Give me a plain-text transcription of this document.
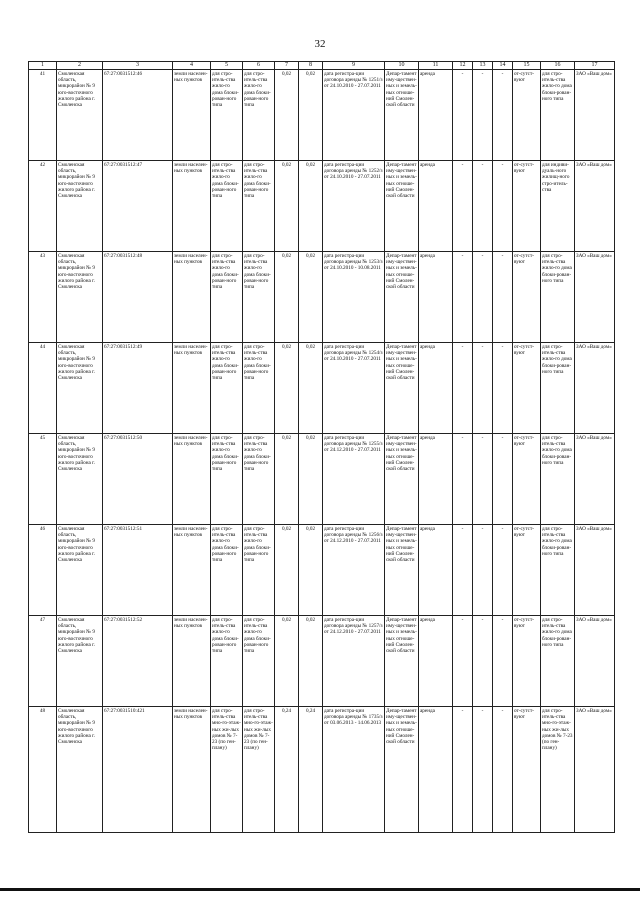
32
1	2	3	4	5	6	7	8	9	10	11	12	13	14	15	16	17
41	Смоленская область, микрорайон № 9 юго-восточного жилого района г. Смоленска	67:27:0031512:46	земли населен-ных пунктов	для стро-итель-ства жило-го дома блоки-рован-ного типа	для стро-итель-ства жило-го дома блоки-рован-ного типа	0,02	0,02	дата регистра-ции договора аренды № 1251/з от 24.10.2010 - 27.07.2011	Депар-тамент иму-ществен-ных и земель-ных отноше-ний Смолен-ской области	аренда	-	-	-	от-сутст-вуют	для стро-итель-ства жило-го дома блоки-рован-ного типа	ЗАО «Ваш дом»
42	Смоленская область, микрорайон № 9 юго-восточного жилого района г. Смоленска	67:27:0031512:47	земли населен-ных пунктов	для стро-итель-ства жило-го дома блоки-рован-ного типа	для стро-итель-ства жило-го дома блоки-рован-ного типа	0,02	0,02	дата регистра-ции договора аренды № 1252/з от 24.10.2010 - 27.07.2011	Депар-тамент иму-ществен-ных и земель-ных отноше-ний Смолен-ской области	аренда	-	-	-	от-сутст-вуют	для индиви-дуаль-ного жилищ-ного стро-итель-ства	ЗАО «Ваш дом»
43	Смоленская область, микрорайон № 9 юго-восточного жилого района г. Смоленска	67:27:0031512:48	земли населен-ных пунктов	для стро-итель-ства жило-го дома блоки-рован-ного типа	для стро-итель-ства жило-го дома блоки-рован-ного типа	0,02	0,02	дата регистра-ции договора аренды № 1253/з от 24.10.2010 - 10.08.2011	Депар-тамент иму-ществен-ных и земель-ных отноше-ний Смолен-ской области	аренда	-	-	-	от-сутст-вуют	для стро-итель-ства жило-го дома блоки-рован-ного типа	ЗАО «Ваш дом»
44	Смоленская область, микрорайон № 9 юго-восточного жилого района г. Смоленска	67:27:0031512:49	земли населен-ных пунктов	для стро-итель-ства жило-го дома блоки-рован-ного типа	для стро-итель-ства жило-го дома блоки-рован-ного типа	0,02	0,02	дата регистра-ции договора аренды № 1254/з от 24.10.2010 - 27.07.2011	Депар-тамент иму-ществен-ных и земель-ных отноше-ний Смолен-ской области	аренда	-	-	-	от-сутст-вуют	для стро-итель-ства жило-го дома блоки-рован-ного типа	ЗАО «Ваш дом»
45	Смоленская область, микрорайон № 9 юго-восточного жилого района г. Смоленска	67:27:0031512:50	земли населен-ных пунктов	для стро-итель-ства жило-го дома блоки-рован-ного типа	для стро-итель-ства жило-го дома блоки-рован-ного типа	0,02	0,02	дата регистра-ции договора аренды № 1255/з от 24.12.2010 - 27.07.2011	Депар-тамент иму-ществен-ных и земель-ных отноше-ний Смолен-ской области	аренда	-	-	-	от-сутст-вуют	для стро-итель-ства жило-го дома блоки-рован-ного типа	ЗАО «Ваш дом»
46	Смоленская область, микрорайон № 9 юго-восточного жилого района г. Смоленска	67:27:0031512:51	земли населен-ных пунктов	для стро-итель-ства жило-го дома блоки-рован-ного типа	для стро-итель-ства жило-го дома блоки-рован-ного типа	0,02	0,02	дата регистра-ции договора аренды № 1256/з от 24.12.2010 - 27.07.2011	Депар-тамент иму-ществен-ных и земель-ных отноше-ний Смолен-ской области	аренда	-	-	-	от-сутст-вуют	для стро-итель-ства жило-го дома блоки-рован-ного типа	ЗАО «Ваш дом»
47	Смоленская область, микрорайон № 9 юго-восточного жилого района г. Смоленска	67:27:0031512:52	земли населен-ных пунктов	для стро-итель-ства жило-го дома блоки-рован-ного типа	для стро-итель-ства жило-го дома блоки-рован-ного типа	0,02	0,02	дата регистра-ции договора аренды № 1257/з от 24.12.2010 - 27.07.2011	Депар-тамент иму-ществен-ных и земель-ных отноше-ний Смолен-ской области	аренда	-	-	-	от-сутст-вуют	для стро-итель-ства жило-го дома блоки-рован-ного типа	ЗАО «Ваш дом»
48	Смоленская область, микрорайон № 9 юго-восточного жилого района г. Смоленска	67:27:0031510:421	земли населен-ных пунктов	для стро-итель-ства мно-го-этаж-ных жи-лых домов № 7-23 (по ген-плану)	для стро-итель-ства мно-го-этаж-ных жи-лых домов № 7-23 (по ген-плану)	0,24	0,24	дата регистра-ции договора аренды № 1735/з от 03.06.2013 - 14.06.2013	Депар-тамент иму-ществен-ных и земель-ных отноше-ний Смолен-ской области	аренда	-	-	-	от-сутст-вуют	для стро-итель-ства мно-го-этаж-ных жи-лых домов № 7-23 (по ген-плану)	ЗАО «Ваш дом»
